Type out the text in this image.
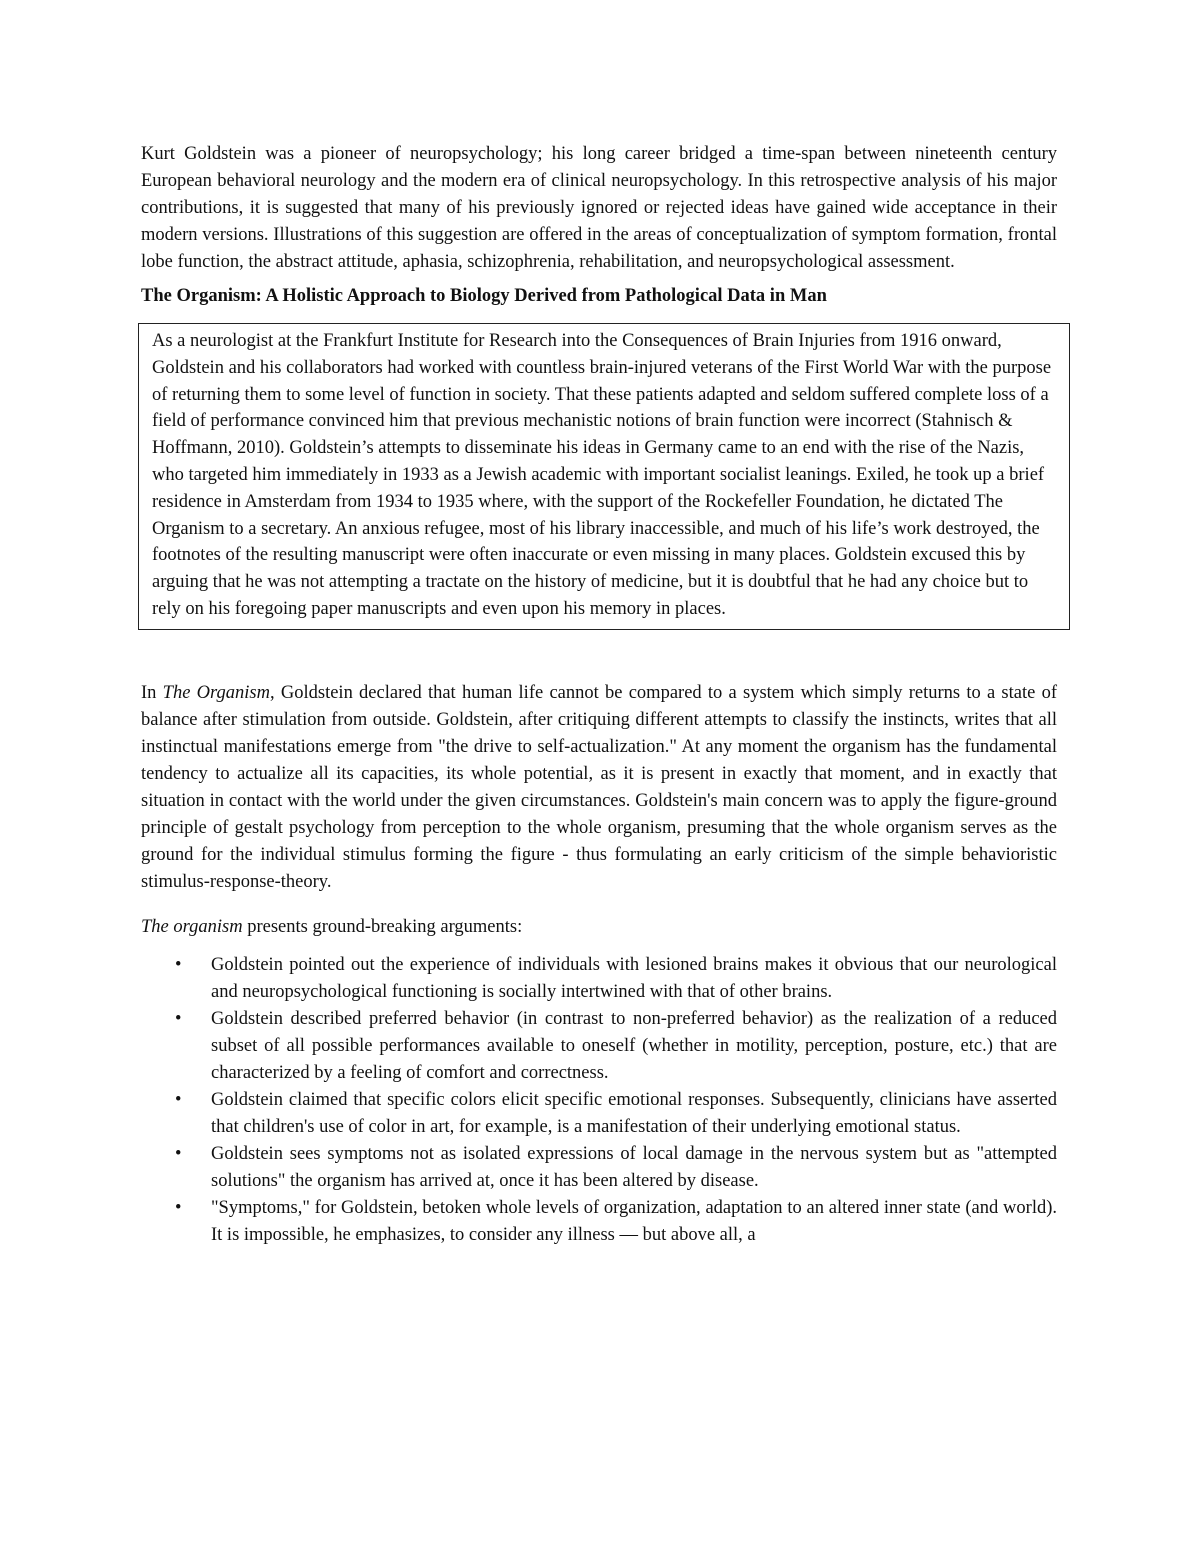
Kurt Goldstein was a pioneer of neuropsychology; his long career bridged a time-span between nineteenth century European behavioral neurology and the modern era of clinical neuropsychology. In this retrospective analysis of his major contributions, it is suggested that many of his previously ignored or rejected ideas have gained wide acceptance in their modern versions. Illustrations of this suggestion are offered in the areas of conceptualization of symptom formation, frontal lobe function, the abstract attitude, aphasia, schizophrenia, rehabilitation, and neuropsychological assessment.

The Organism: A Holistic Approach to Biology Derived from Pathological Data in Man

As a neurologist at the Frankfurt Institute for Research into the Consequences of Brain Injuries from 1916 onward, Goldstein and his collaborators had worked with countless brain-injured veterans of the First World War with the purpose of returning them to some level of function in society. That these patients adapted and seldom suffered complete loss of a field of performance convinced him that previous mechanistic notions of brain function were incorrect (Stahnisch & Hoffmann, 2010). Goldstein’s attempts to disseminate his ideas in Germany came to an end with the rise of the Nazis, who targeted him immediately in 1933 as a Jewish academic with important socialist leanings. Exiled, he took up a brief residence in Amsterdam from 1934 to 1935 where, with the support of the Rockefeller Foundation, he dictated The Organism to a secretary. An anxious refugee, most of his library inaccessible, and much of his life’s work destroyed, the footnotes of the resulting manuscript were often inaccurate or even missing in many places. Goldstein excused this by arguing that he was not attempting a tractate on the history of medicine, but it is doubtful that he had any choice but to rely on his foregoing paper manuscripts and even upon his memory in places.

In The Organism, Goldstein declared that human life cannot be compared to a system which simply returns to a state of balance after stimulation from outside. Goldstein, after critiquing different attempts to classify the instincts, writes that all instinctual manifestations emerge from "the drive to self-actualization." At any moment the organism has the fundamental tendency to actualize all its capacities, its whole potential, as it is present in exactly that moment, and in exactly that situation in contact with the world under the given circumstances. Goldstein's main concern was to apply the figure-ground principle of gestalt psychology from perception to the whole organism, presuming that the whole organism serves as the ground for the individual stimulus forming the figure - thus formulating an early criticism of the simple behavioristic stimulus-response-theory.

The organism presents ground-breaking arguments:

• Goldstein pointed out the experience of individuals with lesioned brains makes it obvious that our neurological and neuropsychological functioning is socially intertwined with that of other brains.
• Goldstein described preferred behavior (in contrast to non-preferred behavior) as the realization of a reduced subset of all possible performances available to oneself (whether in motility, perception, posture, etc.) that are characterized by a feeling of comfort and correctness.
• Goldstein claimed that specific colors elicit specific emotional responses. Subsequently, clinicians have asserted that children's use of color in art, for example, is a manifestation of their underlying emotional status.
• Goldstein sees symptoms not as isolated expressions of local damage in the nervous system but as "attempted solutions" the organism has arrived at, once it has been altered by disease.
• "Symptoms," for Goldstein, betoken whole levels of organization, adaptation to an altered inner state (and world). It is impossible, he emphasizes, to consider any illness — but above all, a
